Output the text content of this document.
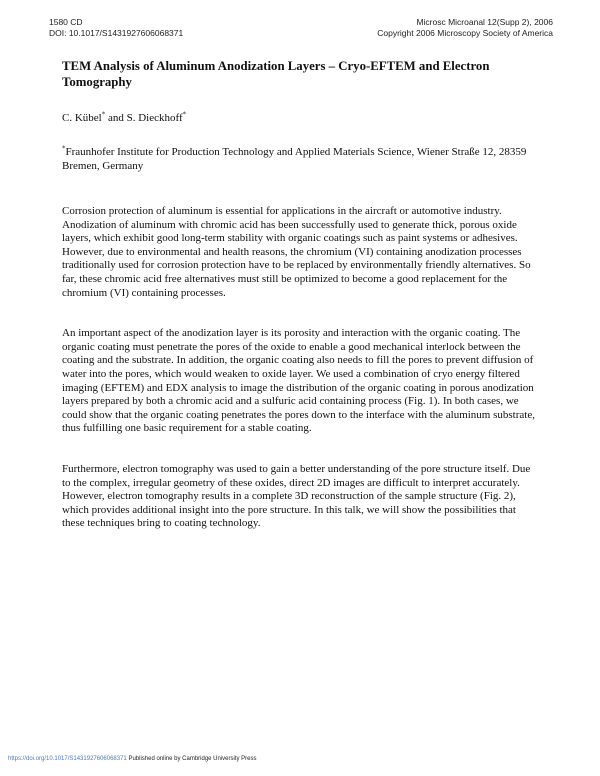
1580 CD
DOI: 10.1017/S1431927606068371
Microsc Microanal 12(Supp 2), 2006
Copyright 2006 Microscopy Society of America
TEM Analysis of Aluminum Anodization Layers – Cryo-EFTEM and Electron Tomography
C. Kübel* and S. Dieckhoff*
*Fraunhofer Institute for Production Technology and Applied Materials Science, Wiener Straße 12, 28359 Bremen, Germany

Corrosion protection of aluminum is essential for applications in the aircraft or automotive industry. Anodization of aluminum with chromic acid has been successfully used to generate thick, porous oxide layers, which exhibit good long-term stability with organic coatings such as paint systems or adhesives. However, due to environmental and health reasons, the chromium (VI) containing anodization processes traditionally used for corrosion protection have to be replaced by environmentally friendly alternatives. So far, these chromic acid free alternatives must still be optimized to become a good replacement for the chromium (VI) containing processes.

An important aspect of the anodization layer is its porosity and interaction with the organic coating. The organic coating must penetrate the pores of the oxide to enable a good mechanical interlock between the coating and the substrate. In addition, the organic coating also needs to fill the pores to prevent diffusion of water into the pores, which would weaken to oxide layer. We used a combination of cryo energy filtered imaging (EFTEM) and EDX analysis to image the distribution of the organic coating in porous anodization layers prepared by both a chromic acid and a sulfuric acid containing process (Fig. 1). In both cases, we could show that the organic coating penetrates the pores down to the interface with the aluminum substrate, thus fulfilling one basic requirement for a stable coating.

Furthermore, electron tomography was used to gain a better understanding of the pore structure itself. Due to the complex, irregular geometry of these oxides, direct 2D images are difficult to interpret accurately. However, electron tomography results in a complete 3D reconstruction of the sample structure (Fig. 2), which provides additional insight into the pore structure. In this talk, we will show the possibilities that these techniques bring to coating technology.

https://doi.org/10.1017/S1431927606068371 Published online by Cambridge University Press
